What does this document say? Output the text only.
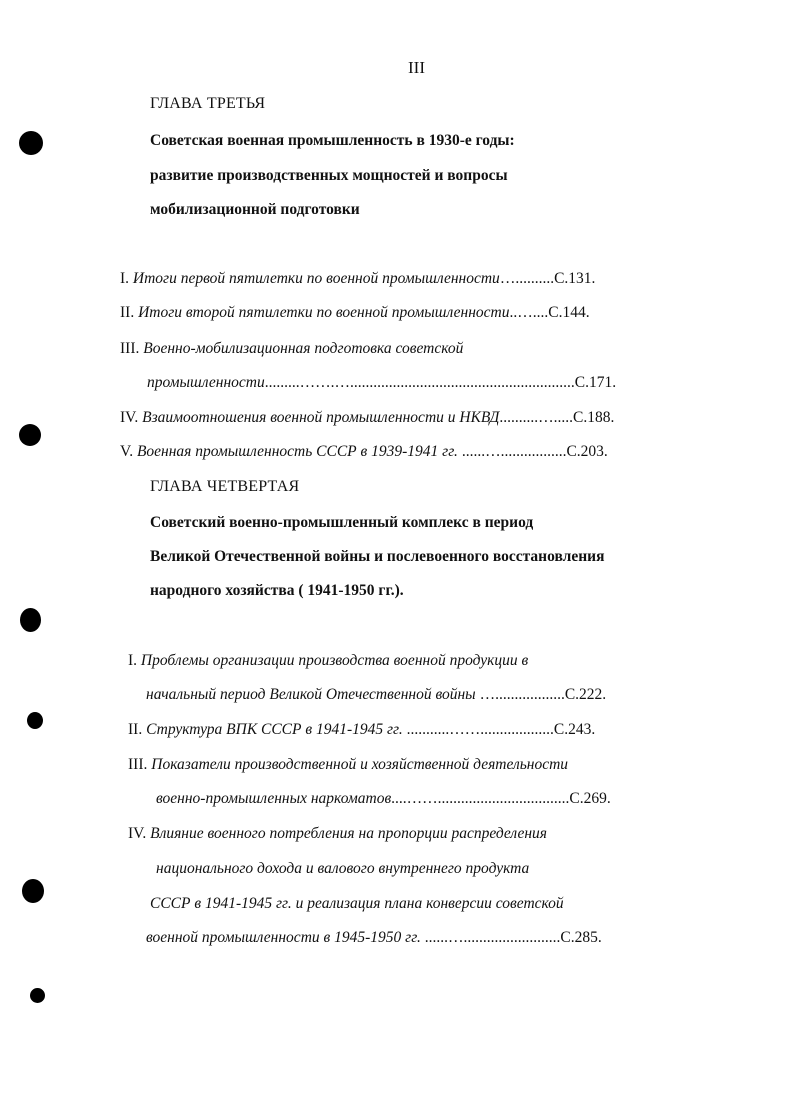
III
ГЛАВА ТРЕТЬЯ
Советская военная промышленность в 1930-е годы:
развитие производственных мощностей и вопросы
мобилизационной подготовки
I. Итоги первой пятилетки по военной промышленности…..........С.131.
II. Итоги второй пятилетки по военной промышленности..…....С.144.
III. Военно-мобилизационная подготовка советской
промышленности.........…….…..........................................................С.171.
IV. Взаимоотношения военной промышленности и НКВД..........….....С.188.
V. Военная промышленность СССР в 1939-1941 гг. ......….................С.203.
ГЛАВА ЧЕТВЕРТАЯ
Советский военно-промышленный комплекс в период
Великой Отечественной войны и послевоенного восстановления
народного хозяйства ( 1941-1950 гг.).
I. Проблемы организации производства военной продукции в
начальный период Великой Отечественной войны …..................С.222.
II. Структура ВПК СССР в 1941-1945 гг. ...........……...................С.243.
III. Показатели производственной и хозяйственной деятельности
военно-промышленных наркоматов....……..................................С.269.
IV. Влияние военного потребления на пропорции распределения
национального дохода и валового внутреннего продукта
СССР в 1941-1945 гг. и реализация плана конверсии советской
военной промышленности в 1945-1950 гг. ......….........................С.285.
